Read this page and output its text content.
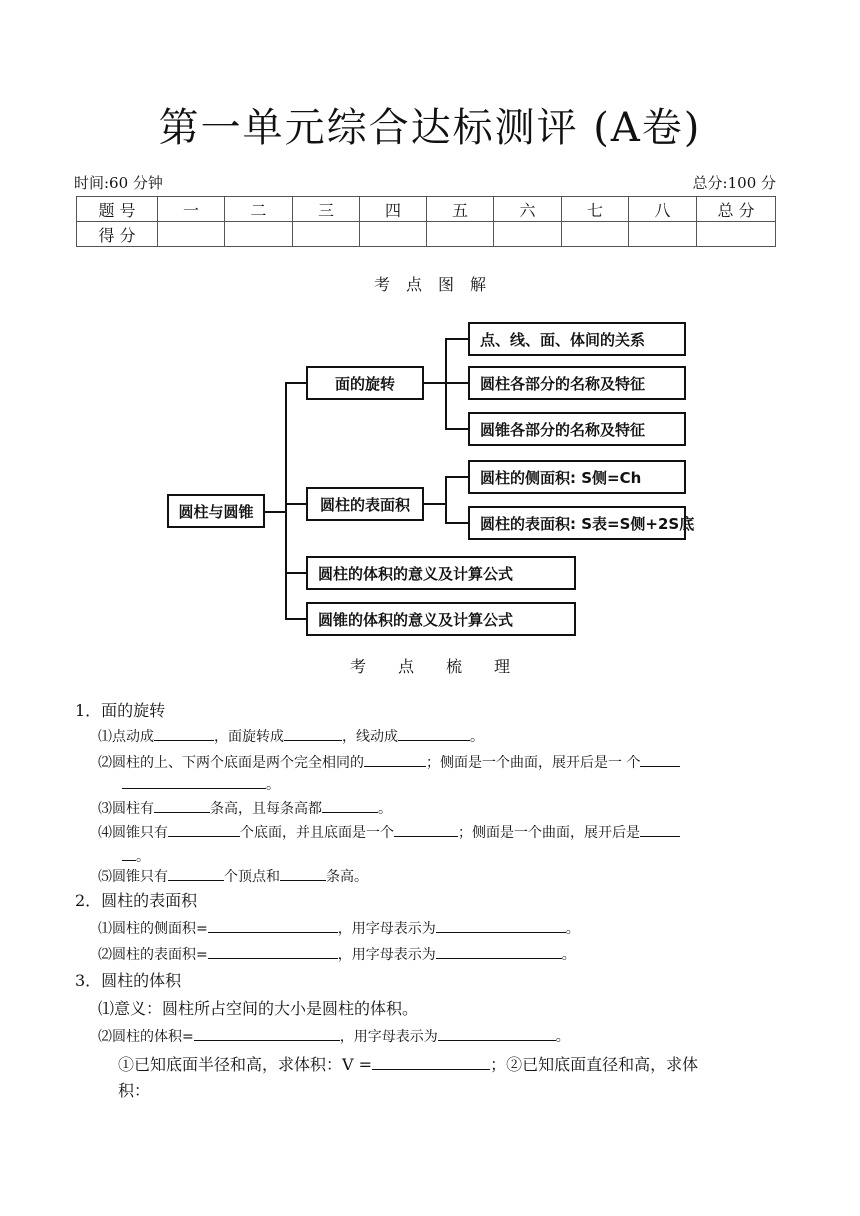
第一单元综合达标测评 (A卷)
时间:60 分钟	总分:100 分
题 号	一	二	三	四	五	六	七	八	总 分
得 分									
考　点　图　解
圆柱与圆锥
面的旋转
圆柱的表面积
圆柱的体积的意义及计算公式
圆锥的体积的意义及计算公式
点、线、面、体间的关系
圆柱各部分的名称及特征
圆锥各部分的名称及特征
圆柱的侧面积: S侧=Ch
圆柱的表面积: S表=S侧+2S底
考　　点　　梳　　理
1．面的旋转
⑴点动成	，面旋转成	，线动成	。
⑵圆柱的上、下两个底面是两个完全相同的	；侧面是一个曲面，展开后是一 个
。
⑶圆柱有	条高，且每条高都	。
⑷圆锥只有	个底面，并且底面是一个	；侧面是一个曲面，展开后是
。
⑸圆锥只有	个顶点和	条高。
2．圆柱的表面积
⑴圆柱的侧面积=	，用字母表示为	。
⑵圆柱的表面积=	，用字母表示为	。
3．圆柱的体积
⑴意义：圆柱所占空间的大小是圆柱的体积。
⑵圆柱的体积=	，用字母表示为	。
①已知底面半径和高，求体积：V =	；②已知底面直径和高，求体
积：
